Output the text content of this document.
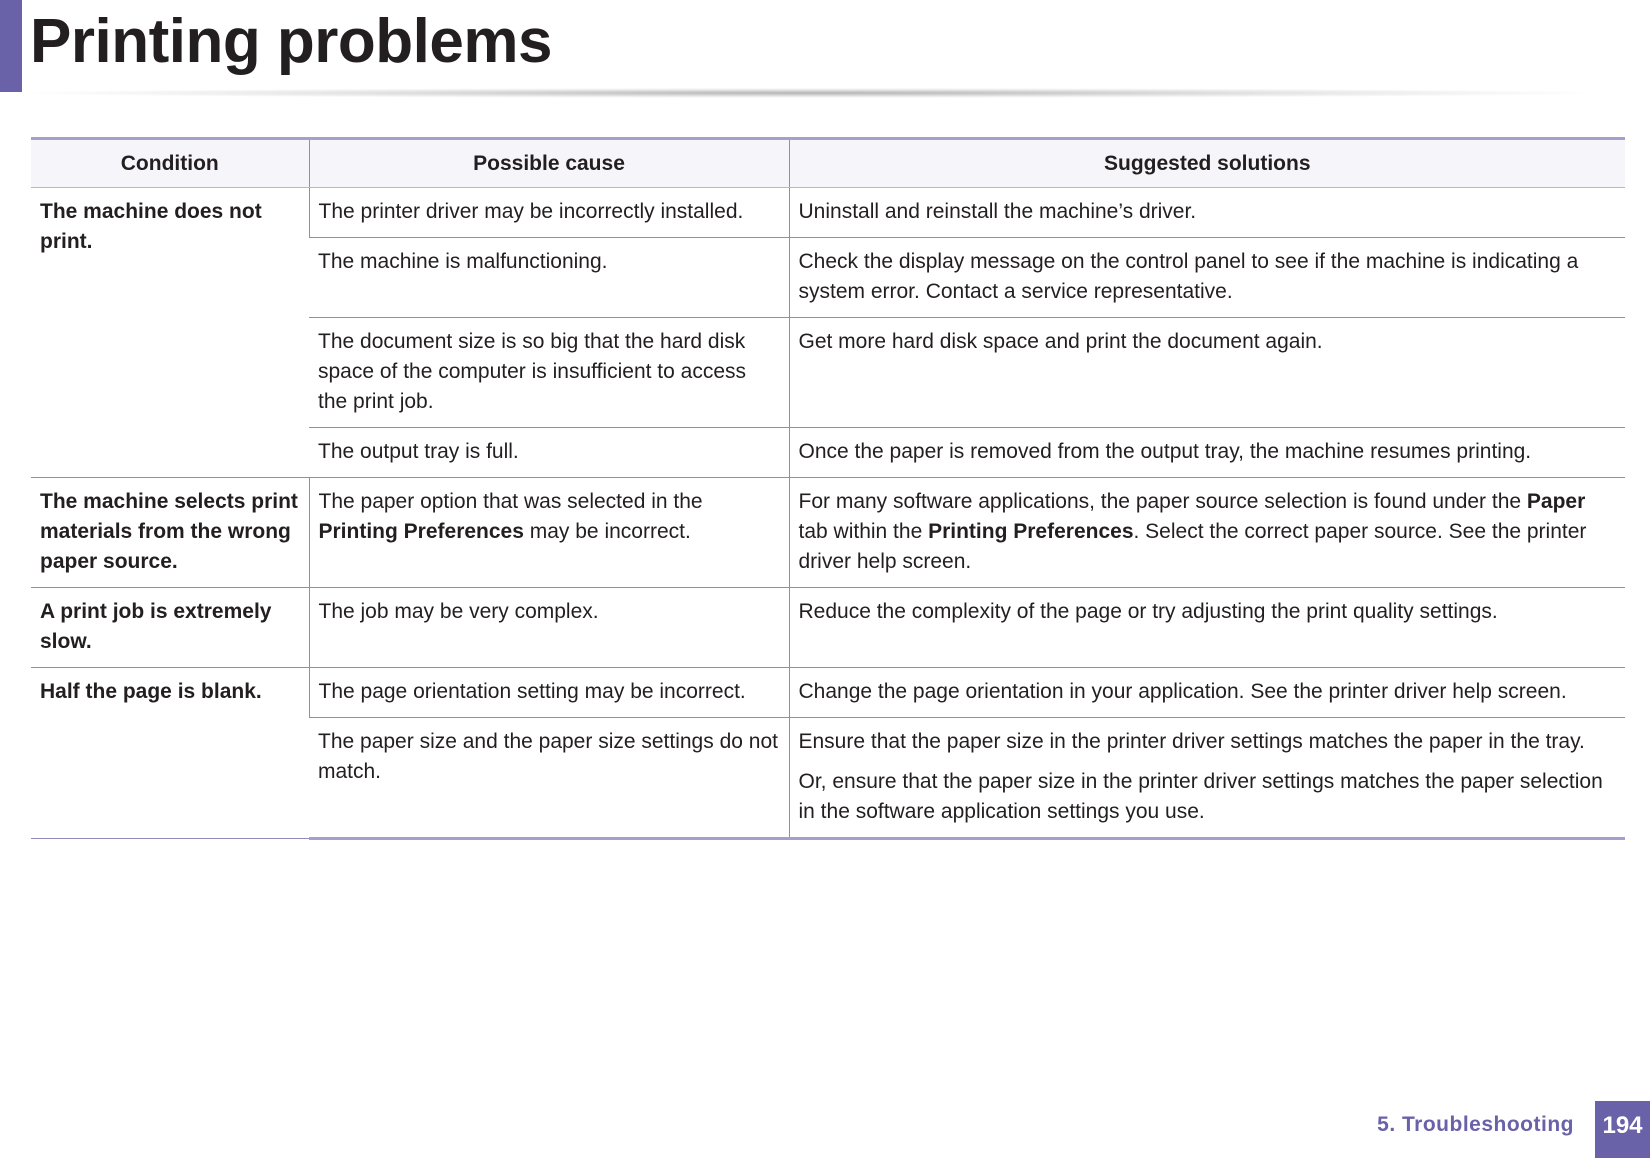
Printing problems
Condition	Possible cause	Suggested solutions
The machine does not print.	The printer driver may be incorrectly installed.	Uninstall and reinstall the machine’s driver.
	The machine is malfunctioning.	Check the display message on the control panel to see if the machine is indicating a system error. Contact a service representative.
	The document size is so big that the hard disk space of the computer is insufficient to access the print job.	Get more hard disk space and print the document again.
	The output tray is full.	Once the paper is removed from the output tray, the machine resumes printing.
The machine selects print materials from the wrong paper source.	The paper option that was selected in the Printing Preferences may be incorrect.	For many software applications, the paper source selection is found under the Paper tab within the Printing Preferences. Select the correct paper source. See the printer driver help screen.
A print job is extremely slow.	The job may be very complex.	Reduce the complexity of the page or try adjusting the print quality settings.
Half the page is blank.	The page orientation setting may be incorrect.	Change the page orientation in your application. See the printer driver help screen.
	The paper size and the paper size settings do not match.	Ensure that the paper size in the printer driver settings matches the paper in the tray.
Or, ensure that the paper size in the printer driver settings matches the paper selection in the software application settings you use.
5. Troubleshooting	194
